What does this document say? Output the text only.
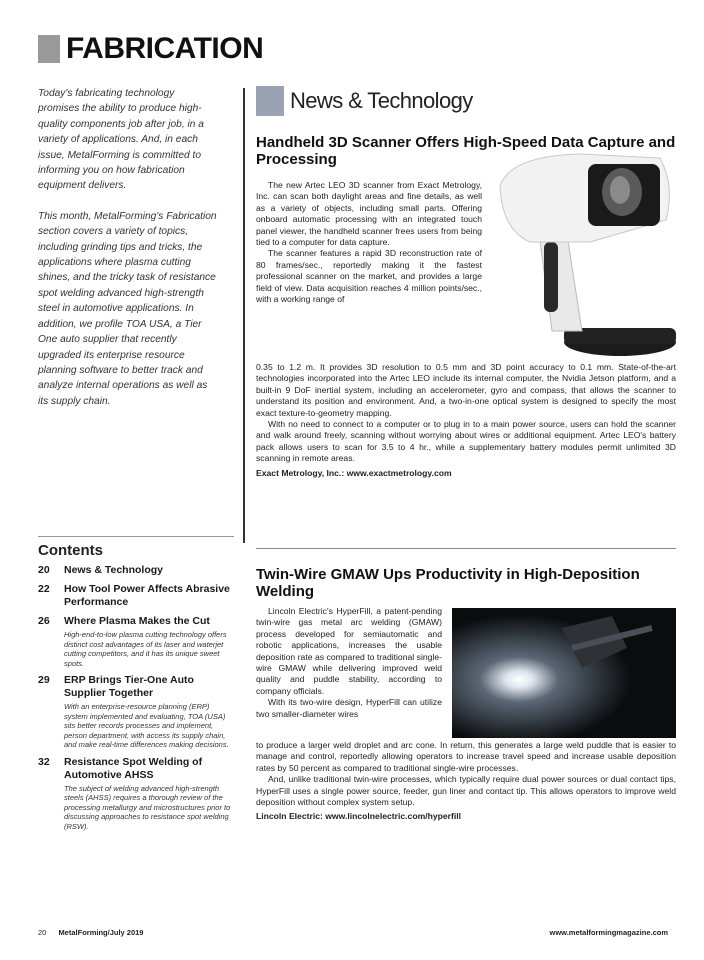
FABRICATION

Today's fabricating technology promises the ability to produce high-quality components job after job, in a variety of applications. And, in each issue, MetalForming is committed to informing you on how fabrication equipment delivers.

This month, MetalForming's Fabrication section covers a variety of topics, including grinding tips and tricks, the applications where plasma cutting shines, and the tricky task of resistance spot welding advanced high-strength steel in automotive applications. In addition, we profile TOA USA, a Tier One auto supplier that recently upgraded its enterprise resource planning software to better track and analyze internal operations as well as its supply chain.

Contents
20	News & Technology
22	How Tool Power Affects Abrasive Performance
26	Where Plasma Makes the Cut
High-end-to-low plasma cutting technology offers distinct cost advantages of its laser and waterjet cutting competitors, and it has its unique sweet spots.
29	ERP Brings Tier-One Auto Supplier Together
With an enterprise-resource planning (ERP) system implemented and evaluating, TOA (USA) sits better records processes and implement, person department, with access its supply chain, and make real-time differences making decisions.
32	Resistance Spot Welding of Automotive AHSS
The subject of welding advanced high-strength steels (AHSS) requires a thorough review of the processing metallurgy and microstructures prior to discussing approaches to resistance spot welding (RSW).
News & Technology
Handheld 3D Scanner Offers High-Speed Data Capture and Processing

The new Artec LEO 3D scanner from Exact Metrology, Inc. can scan both daylight areas and fine details, as well as a variety of objects, including small parts. Offering onboard automatic processing with an integrated touch panel viewer, the handheld scanner frees users from being tied to a computer for data capture.

The scanner features a rapid 3D reconstruction rate of 80 frames/sec., reportedly making it the fastest professional scanner on the market, and provides a large field of view. Data acquisition reaches 4 million points/sec., with a working range of

0.35 to 1.2 m. It provides 3D resolution to 0.5 mm and 3D point accuracy to 0.1 mm. State-of-the-art technologies incorporated into the Artec LEO include its internal computer, the Nvidia Jetson platform, and a built-in 9 DoF inertial system, including an accelerometer, gyro and compass, that allows the scanner to understand its position and environment. And, a two-in-one optical system is designed to specify the most exact texture-to-geometry mapping.

With no need to connect to a computer or to plug in to a main power source, users can hold the scanner and walk around freely, scanning without worrying about wires or additional equipment. Artec LEO's battery pack allows users to scan for 3.5 to 4 hr., while a supplementary battery modules permit unlimited 3D scanning in remote areas.

Exact Metrology, Inc.: www.exactmetrology.com
Twin-Wire GMAW Ups Productivity in High-Deposition Welding

Lincoln Electric's HyperFill, a patent-pending twin-wire gas metal arc welding (GMAW) process developed for semiautomatic and robotic applications, increases the usable deposition rate as compared to traditional single-wire GMAW while delivering improved weld quality and puddle stability, according to company officials.

With its two-wire design, HyperFill can utilize two smaller-diameter wires

to produce a larger weld droplet and arc cone. In return, this generates a large weld puddle that is easier to manage and control, reportedly allowing operators to increase travel speed and increase usable deposition rates by 50 percent as compared to traditional single-wire processes.

And, unlike traditional twin-wire processes, which typically require dual power sources or dual contact tips, HyperFill uses a single power source, feeder, gun liner and contact tip. This allows operators to improve weld deposition without complex system setup.

Lincoln Electric: www.lincolnelectric.com/hyperfill
20 MetalForming/July 2019	www.metalformingmagazine.com
